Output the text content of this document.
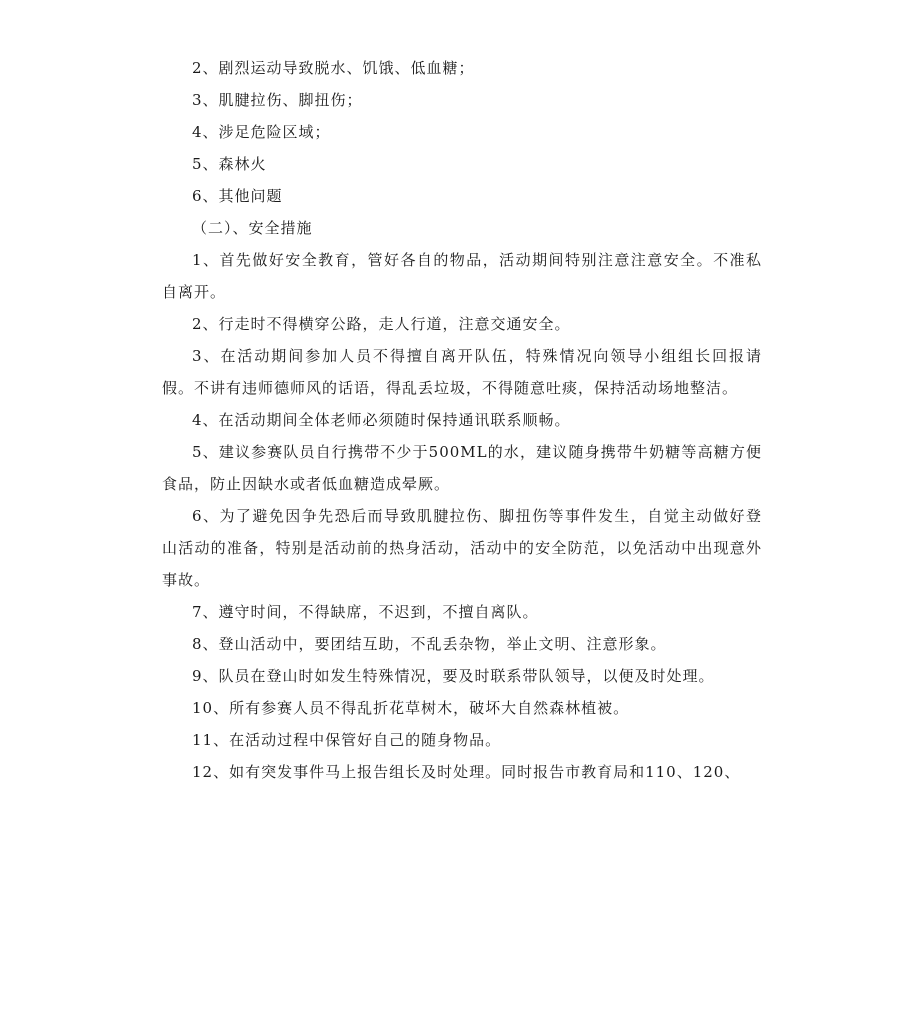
2、剧烈运动导致脱水、饥饿、低血糖；

3、肌腱拉伤、脚扭伤；

4、涉足危险区域；

5、森林火

6、其他问题

（二）、安全措施

1、首先做好安全教育，管好各自的物品，活动期间特别注意注意安全。不准私自离开。

2、行走时不得横穿公路，走人行道，注意交通安全。

3、在活动期间参加人员不得擅自离开队伍，特殊情况向领导小组组长回报请假。不讲有违师德师风的话语，得乱丢垃圾，不得随意吐痰，保持活动场地整洁。

4、在活动期间全体老师必须随时保持通讯联系顺畅。

5、建议参赛队员自行携带不少于500ML的水，建议随身携带牛奶糖等高糖方便食品，防止因缺水或者低血糖造成晕厥。

6、为了避免因争先恐后而导致肌腱拉伤、脚扭伤等事件发生，自觉主动做好登山活动的准备，特别是活动前的热身活动，活动中的安全防范，以免活动中出现意外事故。

7、遵守时间，不得缺席，不迟到，不擅自离队。

8、登山活动中，要团结互助，不乱丢杂物，举止文明、注意形象。

9、队员在登山时如发生特殊情况，要及时联系带队领导，以便及时处理。

10、所有参赛人员不得乱折花草树木，破坏大自然森林植被。

11、在活动过程中保管好自己的随身物品。

12、如有突发事件马上报告组长及时处理。同时报告市教育局和110、120、
